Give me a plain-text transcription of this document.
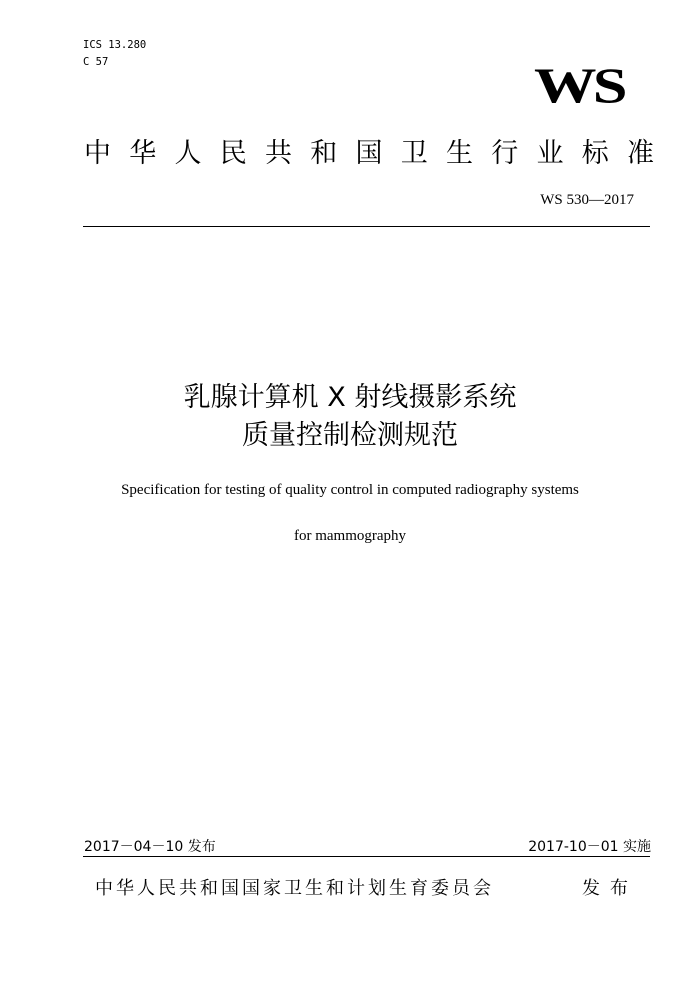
ICS 13.280
C 57	WS
中 华 人 民 共 和 国 卫 生 行 业 标 准
WS 530—2017
乳腺计算机 X 射线摄影系统
质量控制检测规范
Specification for testing of quality control in computed radiography systems
for mammography
2017－04－10 发布	2017-10－01 实施
中华人民共和国国家卫生和计划生育委员会	发布
